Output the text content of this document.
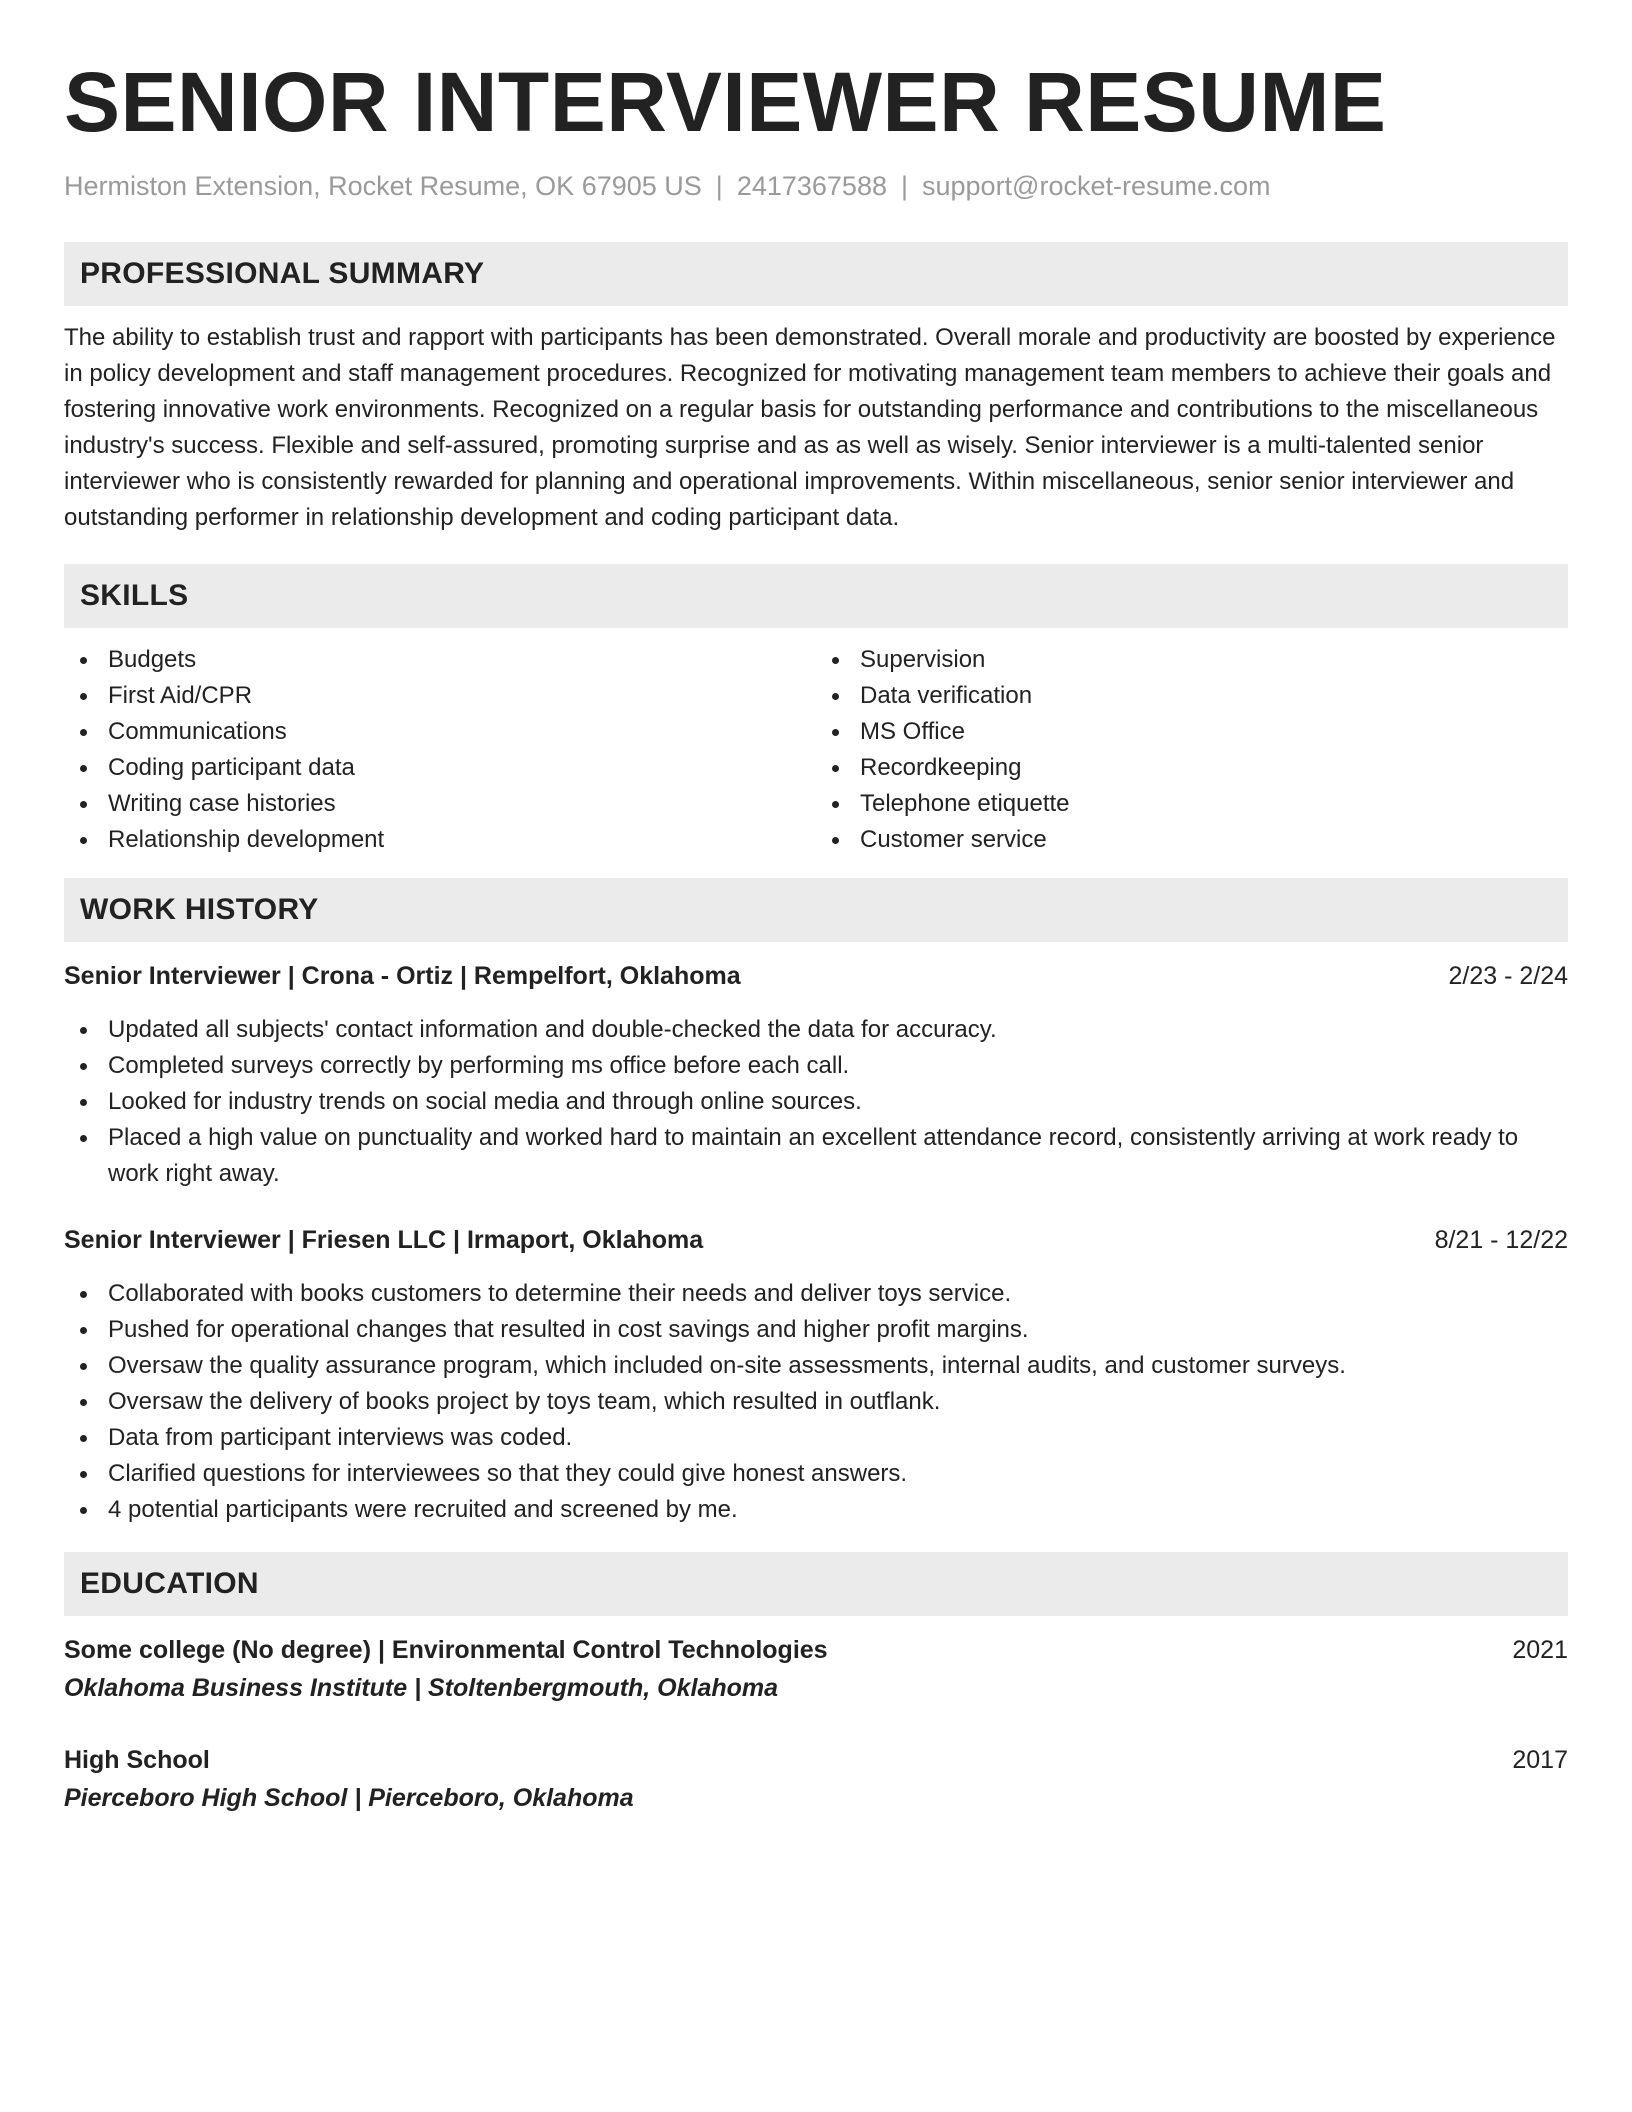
SENIOR INTERVIEWER RESUME
Hermiston Extension, Rocket Resume, OK 67905 US | 2417367588 | support@rocket-resume.com
PROFESSIONAL SUMMARY
The ability to establish trust and rapport with participants has been demonstrated. Overall morale and productivity are boosted by experience in policy development and staff management procedures. Recognized for motivating management team members to achieve their goals and fostering innovative work environments. Recognized on a regular basis for outstanding performance and contributions to the miscellaneous industry's success. Flexible and self-assured, promoting surprise and as as well as wisely. Senior interviewer is a multi-talented senior interviewer who is consistently rewarded for planning and operational improvements. Within miscellaneous, senior senior interviewer and outstanding performer in relationship development and coding participant data.
SKILLS
Budgets
First Aid/CPR
Communications
Coding participant data
Writing case histories
Relationship development
Supervision
Data verification
MS Office
Recordkeeping
Telephone etiquette
Customer service
WORK HISTORY
Senior Interviewer | Crona - Ortiz | Rempelfort, Oklahoma	2/23 - 2/24
Updated all subjects' contact information and double-checked the data for accuracy.
Completed surveys correctly by performing ms office before each call.
Looked for industry trends on social media and through online sources.
Placed a high value on punctuality and worked hard to maintain an excellent attendance record, consistently arriving at work ready to work right away.
Senior Interviewer | Friesen LLC | Irmaport, Oklahoma	8/21 - 12/22
Collaborated with books customers to determine their needs and deliver toys service.
Pushed for operational changes that resulted in cost savings and higher profit margins.
Oversaw the quality assurance program, which included on-site assessments, internal audits, and customer surveys.
Oversaw the delivery of books project by toys team, which resulted in outflank.
Data from participant interviews was coded.
Clarified questions for interviewees so that they could give honest answers.
4 potential participants were recruited and screened by me.
EDUCATION
Some college (No degree) | Environmental Control Technologies	2021
Oklahoma Business Institute | Stoltenbergmouth, Oklahoma
High School	2017
Pierceboro High School | Pierceboro, Oklahoma
